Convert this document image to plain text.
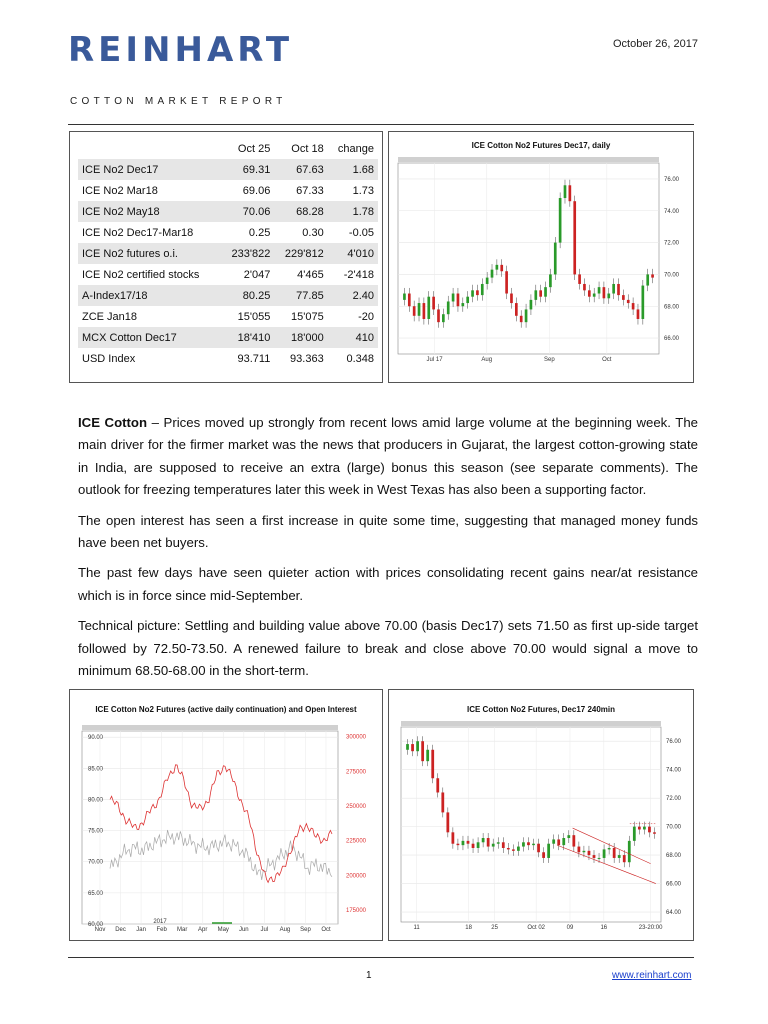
REINHART	October 26, 2017
COTTON MARKET REPORT
	Oct 25	Oct 18	change
ICE No2 Dec17	69.31	67.63	1.68
ICE No2 Mar18	69.06	67.33	1.73
ICE No2 May18	70.06	68.28	1.78
ICE No2 Dec17-Mar18	0.25	0.30	-0.05
ICE No2 futures o.i.	233'822	229'812	4'010
ICE No2 certified stocks	2'047	4'465	-2'418
A-Index17/18	80.25	77.85	2.40
ZCE Jan18	15'055	15'075	-20
MCX Cotton Dec17	18'410	18'000	410
USD Index	93.711	93.363	0.348
ICE Cotton No2 Futures Dec17, daily
76.00
74.00
72.00
70.00
68.00
66.00
Jul 17	Aug	Sep	Oct

ICE Cotton – Prices moved up strongly from recent lows amid large volume at the beginning week. The main driver for the firmer market was the news that producers in Gujarat, the largest cotton-growing state in India, are supposed to receive an extra (large) bonus this season (see separate comments). The outlook for freezing temperatures later this week in West Texas has also been a supporting factor.

The open interest has seen a first increase in quite some time, suggesting that managed money funds have been net buyers.

The past few days have seen quieter action with prices consolidating recent gains near/at resistance which is in force since mid-September.

Technical picture: Settling and building value above 70.00 (basis Dec17) sets 71.50 as first up-side target followed by 72.50-73.50. A renewed failure to break and close above 70.00 would signal a move to minimum 68.50-68.00 in the short-term.

ICE Cotton No2 Futures (active daily continuation) and Open Interest
90.00
85.00
80.00
75.00
70.00
65.00
60.00
300000
275000
250000
225000
200000
175000
Nov Dec Jan Feb Mar Apr May Jun Jul Aug Sep Oct
2017
ICE Cotton No2 Futures, Dec17 240min
76.00
74.00
72.00
70.00
68.00
66.00
64.00
11	18	25	Oct 02	09	16	23-20:00
1	www.reinhart.com
